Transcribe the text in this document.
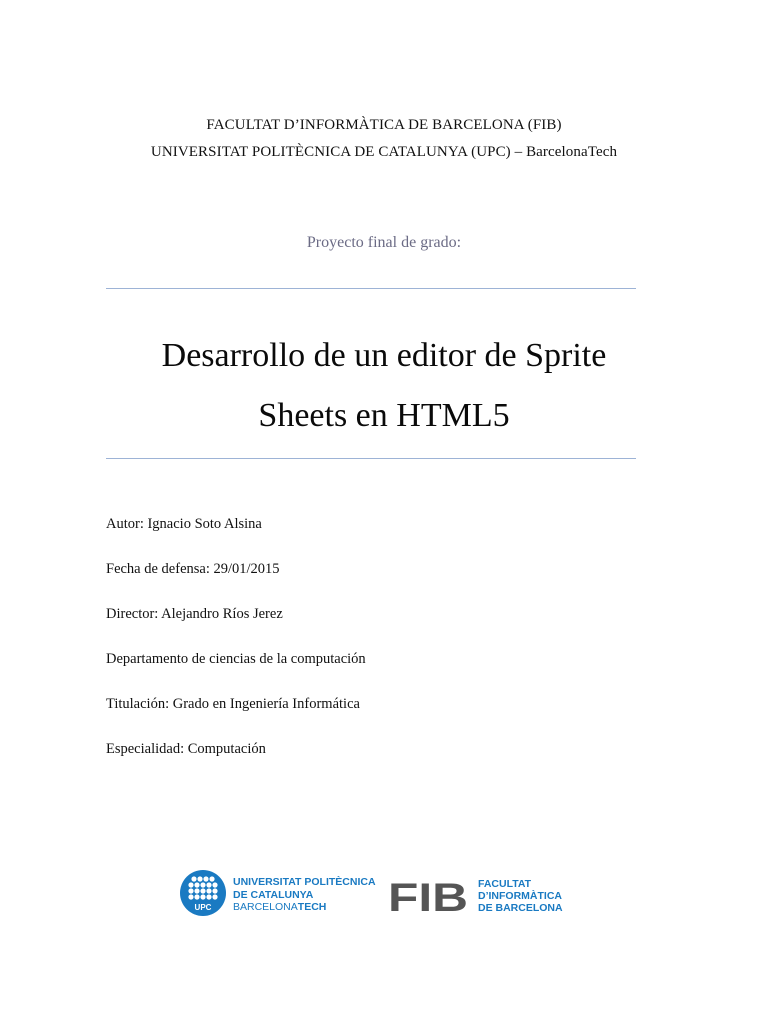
FACULTAT D’INFORMÀTICA DE BARCELONA (FIB)
UNIVERSITAT POLITÈCNICA DE CATALUNYA (UPC) – BarcelonaTech
Proyecto final de grado:
Desarrollo de un editor de Sprite
Sheets en HTML5
Autor: Ignacio Soto Alsina
Fecha de defensa: 29/01/2015
Director: Alejandro Ríos Jerez
Departamento de ciencias de la computación
Titulación: Grado en Ingeniería Informática
Especialidad: Computación
UPC
UNIVERSITAT POLITÈCNICA
DE CATALUNYA
BARCELONATECH	FIB FACULTAT
D’INFORMÀTICA
DE BARCELONA
